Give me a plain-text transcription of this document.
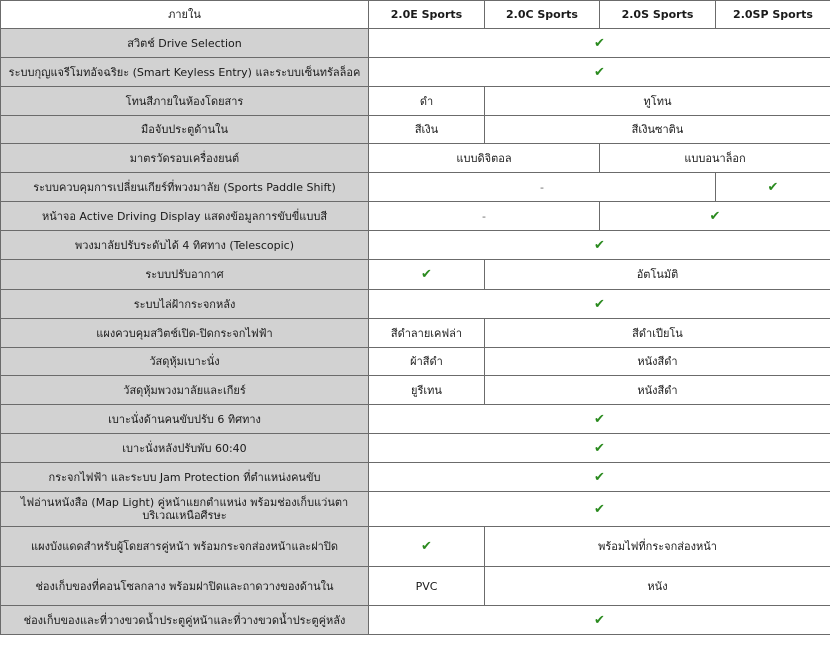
ภายใน	2.0E Sports	2.0C Sports	2.0S Sports	2.0SP Sports
สวิตช์ Drive Selection	✔			
ระบบกุญแจรีโมทอัจฉริยะ (Smart Keyless Entry) และระบบเซ็นทรัลล็อค	✔			
โทนสีภายในห้องโดยสาร	ดำ	ทูโทน		
มือจับประตูด้านใน	สีเงิน	สีเงินซาติน		
มาตรวัดรอบเครื่องยนต์	แบบดิจิตอล		แบบอนาล็อก	
ระบบควบคุมการเปลี่ยนเกียร์ที่พวงมาลัย (Sports Paddle Shift)	-			✔
หน้าจอ Active Driving Display แสดงข้อมูลการขับขี่แบบสี	-		✔	
พวงมาลัยปรับระดับได้ 4 ทิศทาง (Telescopic)	✔			
ระบบปรับอากาศ	✔	อัตโนมัติ		
ระบบไล่ฝ้ากระจกหลัง	✔			
แผงควบคุมสวิตช์เปิด-ปิดกระจกไฟฟ้า	สีดำลายเคฟล่า	สีดำเปียโน		
วัสดุหุ้มเบาะนั่ง	ผ้าสีดำ	หนังสีดำ		
วัสดุหุ้มพวงมาลัยและเกียร์	ยูรีเทน	หนังสีดำ		
เบาะนั่งด้านคนขับปรับ 6 ทิศทาง	✔			
เบาะนั่งหลังปรับพับ 60:40	✔			
กระจกไฟฟ้า และระบบ Jam Protection ที่ตำแหน่งคนขับ	✔			
ไฟอ่านหนังสือ (Map Light) คู่หน้าแยกตำแหน่ง พร้อมช่องเก็บแว่นตาบริเวณเหนือศีรษะ	✔			
แผงบังแดดสำหรับผู้โดยสารคู่หน้า พร้อมกระจกส่องหน้าและฝาปิด	✔	พร้อมไฟที่กระจกส่องหน้า		
ช่องเก็บของที่คอนโซลกลาง พร้อมฝาปิดและถาดวางของด้านใน	PVC	หนัง		
ช่องเก็บของและที่วางขวดน้ำประตูคู่หน้าและที่วางขวดน้ำประตูคู่หลัง	✔			
